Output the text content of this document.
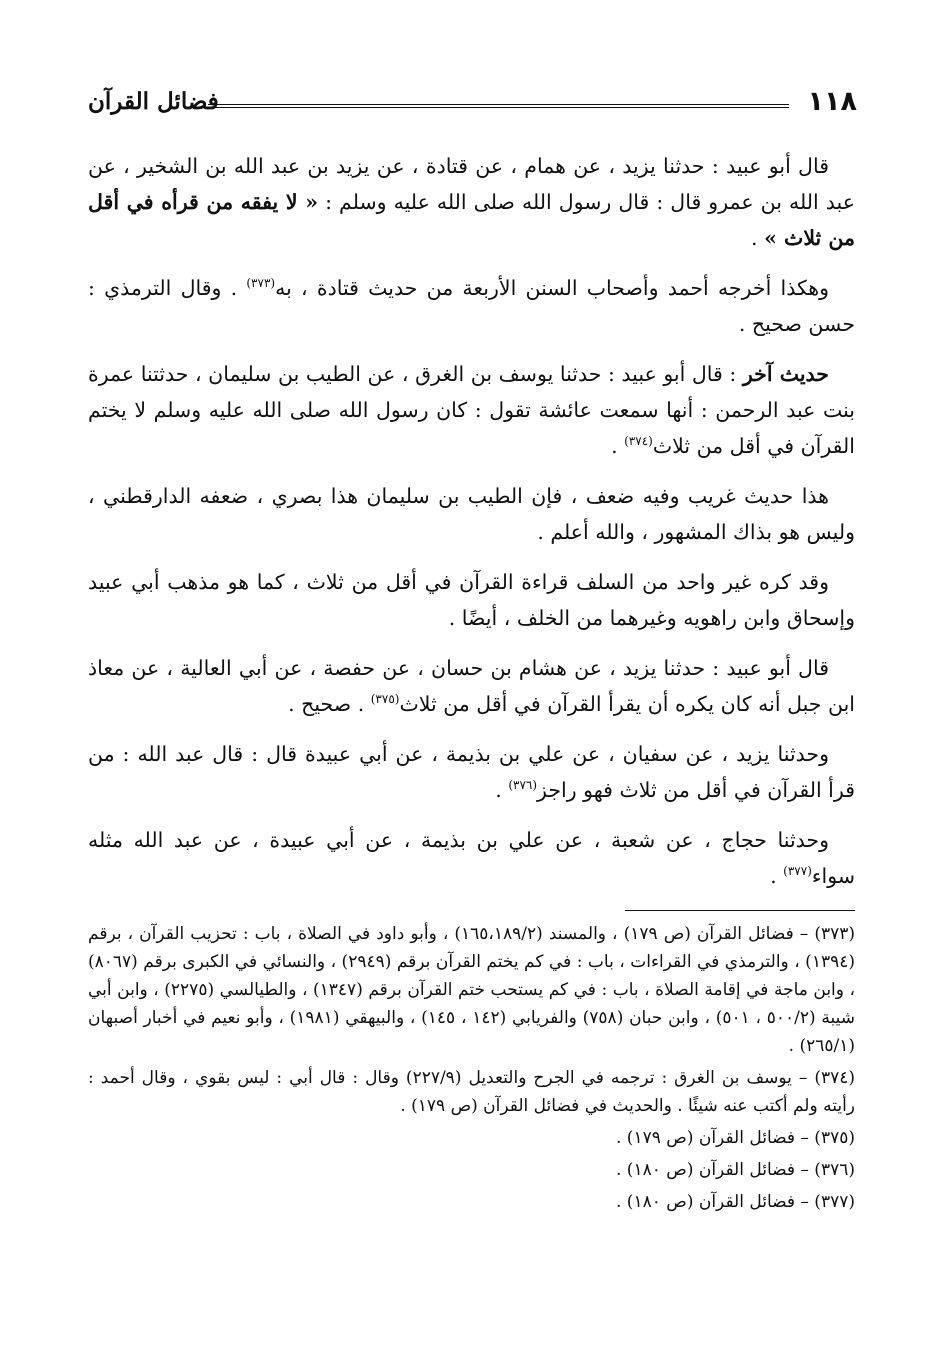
١١٨
فضائل القرآن

قال أبو عبيد : حدثنا يزيد ، عن همام ، عن قتادة ، عن يزيد بن عبد الله بن الشخير ، عن عبد الله بن عمرو قال : قال رسول الله صلى الله عليه وسلم : « لا يفقه من قرأه في أقل من ثلاث » .

وهكذا أخرجه أحمد وأصحاب السنن الأربعة من حديث قتادة ، به$^{(٣٧٣)}$ . وقال الترمذي : حسن صحيح .

حديث آخر : قال أبو عبيد : حدثنا يوسف بن الغرق ، عن الطيب بن سليمان ، حدثتنا عمرة بنت عبد الرحمن : أنها سمعت عائشة تقول : كان رسول الله صلى الله عليه وسلم لا يختم القرآن في أقل من ثلاث$^{(٣٧٤)}$ .

هذا حديث غريب وفيه ضعف ، فإن الطيب بن سليمان هذا بصري ، ضعفه الدارقطني ، وليس هو بذاك المشهور ، والله أعلم .

وقد كره غير واحد من السلف قراءة القرآن في أقل من ثلاث ، كما هو مذهب أبي عبيد وإسحاق وابن راهويه وغيرهما من الخلف ، أيضًا .

قال أبو عبيد : حدثنا يزيد ، عن هشام بن حسان ، عن حفصة ، عن أبي العالية ، عن معاذ ابن جبل أنه كان يكره أن يقرأ القرآن في أقل من ثلاث$^{(٣٧٥)}$ . صحيح .

وحدثنا يزيد ، عن سفيان ، عن علي بن بذيمة ، عن أبي عبيدة قال : قال عبد الله : من قرأ القرآن في أقل من ثلاث فهو راجز$^{(٣٧٦)}$ .

وحدثنا حجاج ، عن شعبة ، عن علي بن بذيمة ، عن أبي عبيدة ، عن عبد الله مثله سواء$^{(٣٧٧)}$ .

(٣٧٣) – فضائل القرآن (ص ١٧٩) ، والمسند (١٦٥،١٨٩/٢) ، وأبو داود في الصلاة ، باب : تحزيب القرآن ، برقم (١٣٩٤) ، والترمذي في القراءات ، باب : في كم يختم القرآن برقم (٢٩٤٩) ، والنسائي في الكبرى برقم (٨٠٦٧) ، وابن ماجة في إقامة الصلاة ، باب : في كم يستحب ختم القرآن برقم (١٣٤٧) ، والطيالسي (٢٢٧٥) ، وابن أبي شيبة (٥٠٠/٢ ، ٥٠١) ، وابن حبان (٧٥٨) والفريابي (١٤٢ ، ١٤٥) ، والبيهقي (١٩٨١) ، وأبو نعيم في أخبار أصبهان (٢٦٥/١) .

(٣٧٤) – يوسف بن الغرق : ترجمه في الجرح والتعديل (٢٢٧/٩) وقال : قال أبي : ليس بقوي ، وقال أحمد : رأيته ولم أكتب عنه شيئًا . والحديث في فضائل القرآن (ص ١٧٩) .

(٣٧٥) – فضائل القرآن (ص ١٧٩) .

(٣٧٦) – فضائل القرآن (ص ١٨٠) .

(٣٧٧) – فضائل القرآن (ص ١٨٠) .
